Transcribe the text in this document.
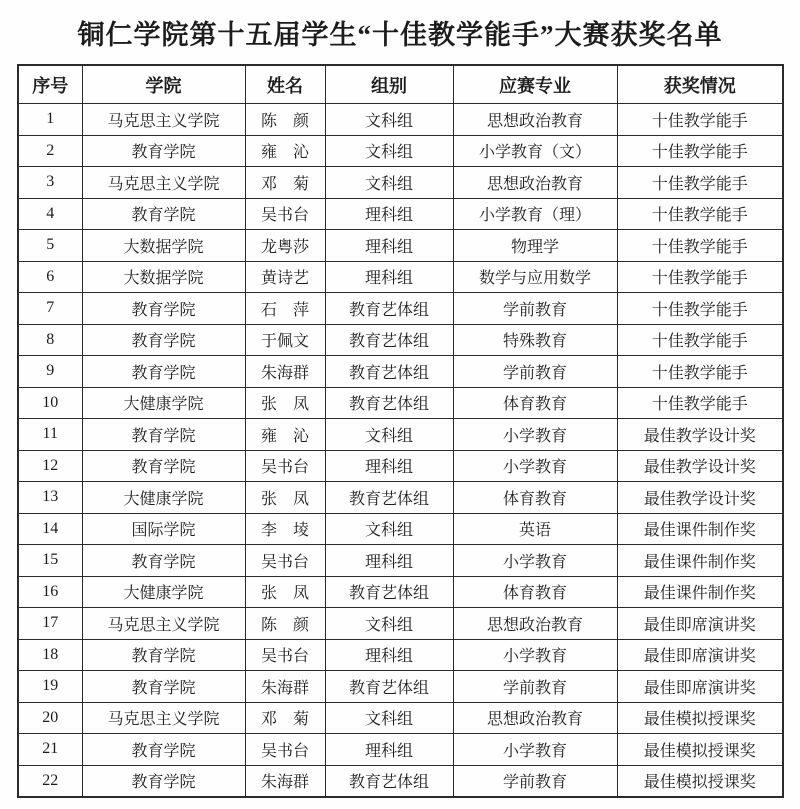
铜仁学院第十五届学生“十佳教学能手”大赛获奖名单
序号	学院	姓名	组别	应赛专业	获奖情况
1	马克思主义学院	陈　颜	文科组	思想政治教育	十佳教学能手
2	教育学院	雍　沁	文科组	小学教育（文）	十佳教学能手
3	马克思主义学院	邓　菊	文科组	思想政治教育	十佳教学能手
4	教育学院	吴书台	理科组	小学教育（理）	十佳教学能手
5	大数据学院	龙粤莎	理科组	物理学	十佳教学能手
6	大数据学院	黄诗艺	理科组	数学与应用数学	十佳教学能手
7	教育学院	石　萍	教育艺体组	学前教育	十佳教学能手
8	教育学院	于佩文	教育艺体组	特殊教育	十佳教学能手
9	教育学院	朱海群	教育艺体组	学前教育	十佳教学能手
10	大健康学院	张　凤	教育艺体组	体育教育	十佳教学能手
11	教育学院	雍　沁	文科组	小学教育	最佳教学设计奖
12	教育学院	吴书台	理科组	小学教育	最佳教学设计奖
13	大健康学院	张　凤	教育艺体组	体育教育	最佳教学设计奖
14	国际学院	李　堎	文科组	英语	最佳课件制作奖
15	教育学院	吴书台	理科组	小学教育	最佳课件制作奖
16	大健康学院	张　凤	教育艺体组	体育教育	最佳课件制作奖
17	马克思主义学院	陈　颜	文科组	思想政治教育	最佳即席演讲奖
18	教育学院	吴书台	理科组	小学教育	最佳即席演讲奖
19	教育学院	朱海群	教育艺体组	学前教育	最佳即席演讲奖
20	马克思主义学院	邓　菊	文科组	思想政治教育	最佳模拟授课奖
21	教育学院	吴书台	理科组	小学教育	最佳模拟授课奖
22	教育学院	朱海群	教育艺体组	学前教育	最佳模拟授课奖
